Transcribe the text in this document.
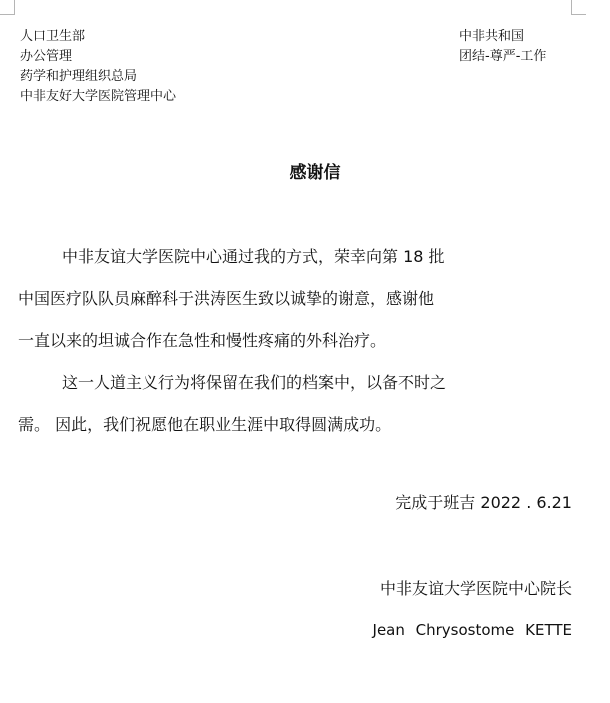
人口卫生部
办公管理
药学和护理组织总局
中非友好大学医院管理中心
中非共和国
团结-尊严-工作
感谢信

中非友谊大学医院中心通过我的方式，荣幸向第 18 批

中国医疗队队员麻醉科于洪涛医生致以诚挚的谢意，感谢他

一直以来的坦诚合作在急性和慢性疼痛的外科治疗。

这一人道主义行为将保留在我们的档案中，以备不时之

需。 因此，我们祝愿他在职业生涯中取得圆满成功。

完成于班吉 2022 . 6.21
中非友谊大学医院中心院长
Jean Chrysostome KETTE
